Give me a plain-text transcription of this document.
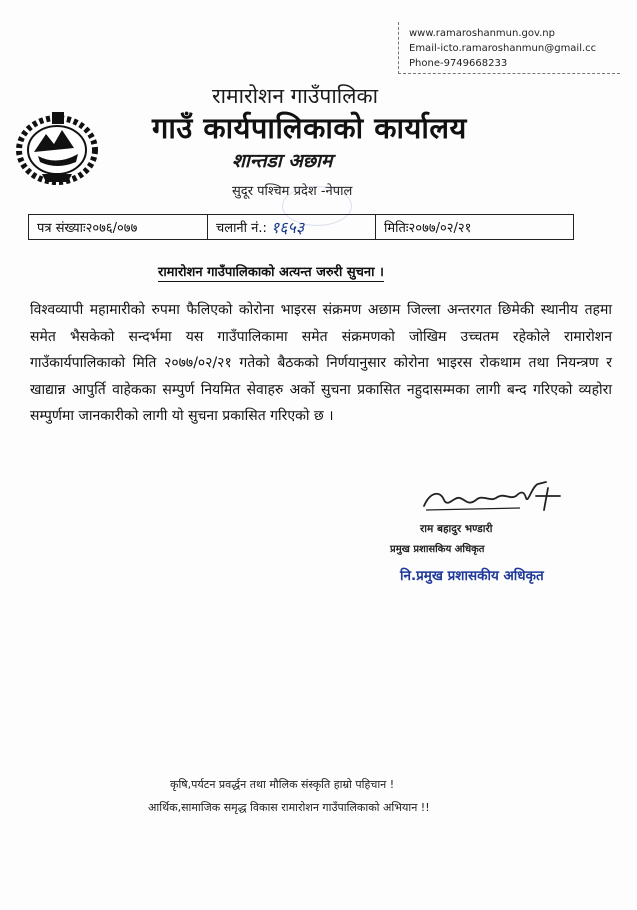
www.ramaroshanmun.gov.np
Email-icto.ramaroshanmun@gmail.cc
Phone-9749668233
रामारोशन गाउँपालिका
गाउँ कार्यपालिकाको कार्यालय
शान्तडा अछाम
सुदूर पश्चिम प्रदेश -नेपाल
पत्र संख्याः २०७६/०७७	चलानी नं.: १६५३	मितिः २०७७/०२/२१
रामारोशन गाउँपालिकाको अत्यन्त जरुरी सुचना ।
विश्वव्यापी महामारीको रुपमा फैलिएको कोरोना भाइरस संक्रमण अछाम जिल्ला अन्तरगत छिमेकी स्थानीय तहमा समेत भैसकेको सन्दर्भमा यस गाउँपालिकामा समेत संक्रमणको जोखिम उच्चतम रहेकोले रामारोशन गाउँकार्यपालिकाको मिति २०७७/०२/२१ गतेको बैठकको निर्णयानुसार कोरोना भाइरस रोकथाम तथा नियन्त्रण र खाद्यान्न आपुर्ति वाहेकका सम्पुर्ण नियमित सेवाहरु अर्को सुचना प्रकासित नहुदासम्मका लागी बन्द गरिएको व्यहोरा सम्पुर्णमा जानकारीको लागी यो सुचना प्रकासित गरिएको छ ।
राम बहादुर भण्डारी
प्रमुख प्रशासकिय अधिकृत
नि.प्रमुख प्रशासकीय अधिकृत
कृषि,पर्यटन प्रवर्द्धन तथा मौलिक संस्कृति हाम्रो पहिचान !
आर्थिक,सामाजिक समृद्ध विकास रामारोशन गाउँपालिकाको अभियान !!
